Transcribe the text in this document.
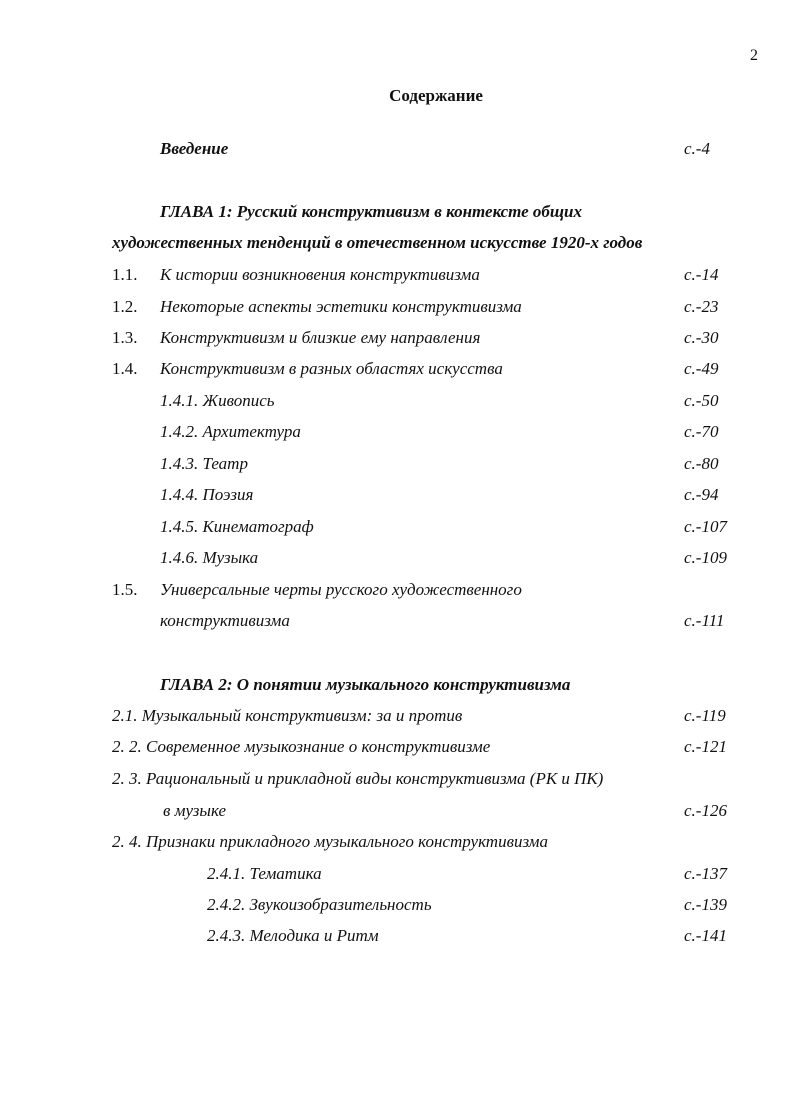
2
Содержание
Введение	с.-4
ГЛАВА 1: Русский конструктивизм в контексте общих
художественных тенденций в отечественном искусстве 1920-х годов
1.1. К истории возникновения конструктивизма	с.-14
1.2. Некоторые аспекты эстетики конструктивизма	с.-23
1.3. Конструктивизм и близкие ему направления	с.-30
1.4. Конструктивизм в разных областях искусства	с.-49
1.4.1. Живопись	с.-50
1.4.2. Архитектура	с.-70
1.4.3. Театр	с.-80
1.4.4. Поэзия	с.-94
1.4.5. Кинематограф	с.-107
1.4.6. Музыка	с.-109
1.5. Универсальные черты русского художественного
конструктивизма	с.-111
ГЛАВА 2: О понятии музыкального конструктивизма
2.1. Музыкальный конструктивизм: за и против	с.-119
2. 2. Современное музыкознание о конструктивизме	с.-121
2. 3. Рациональный и прикладной виды конструктивизма (РК и ПК)
в музыке	с.-126
2. 4. Признаки прикладного музыкального конструктивизма
2.4.1. Тематика	с.-137
2.4.2. Звукоизобразительность	с.-139
2.4.3. Мелодика и Ритм	с.-141
